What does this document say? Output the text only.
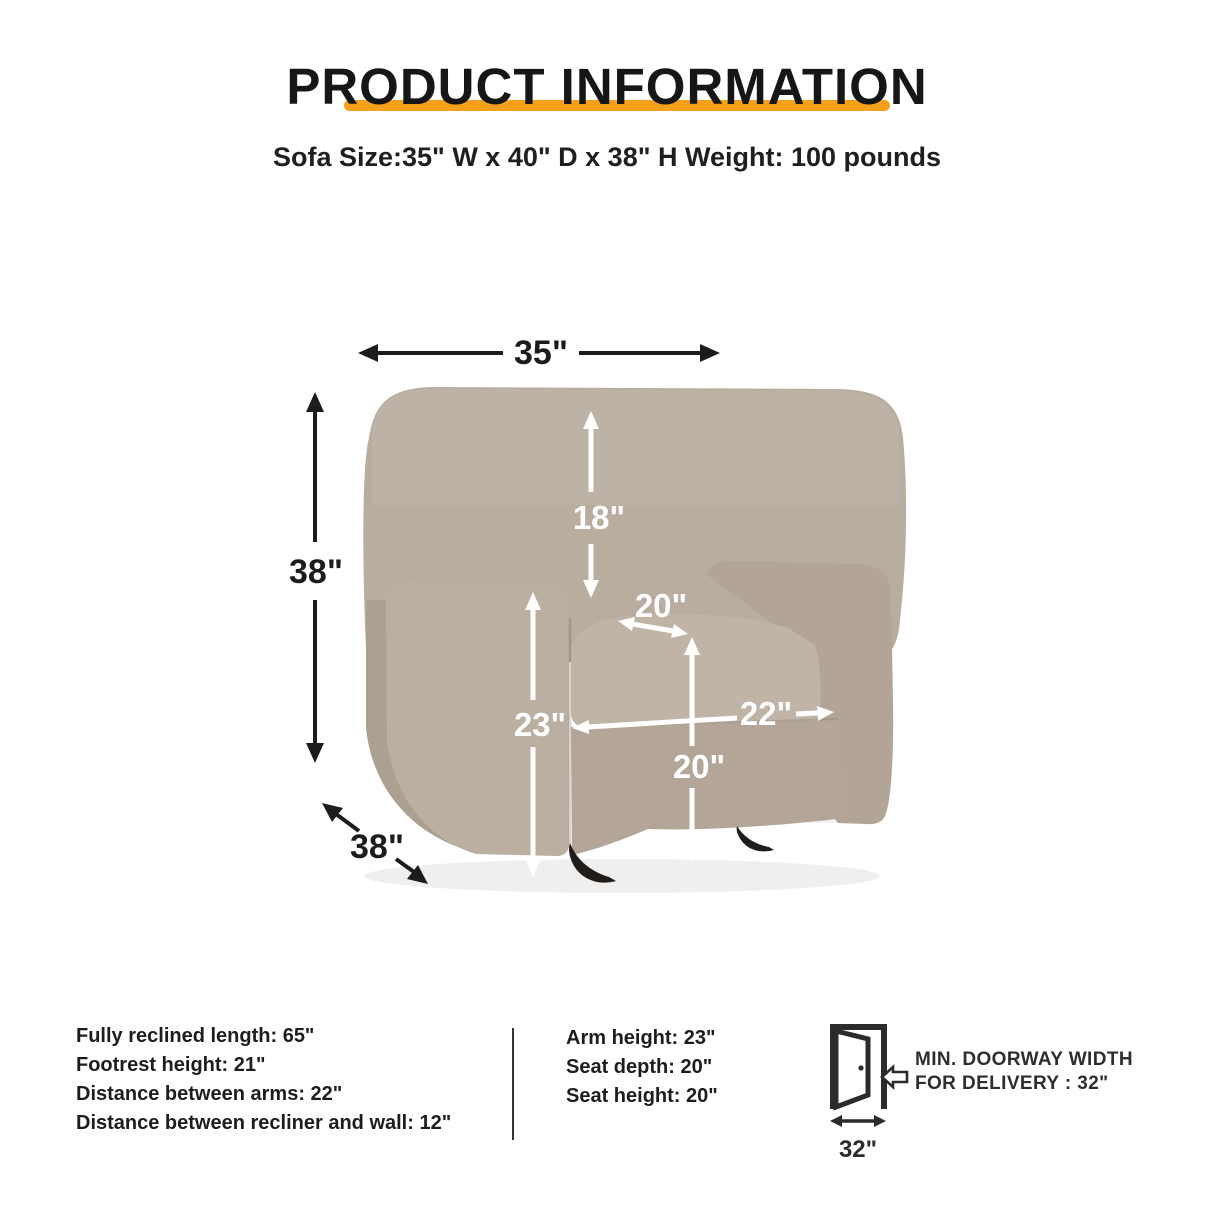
PRODUCT INFORMATION
Sofa Size:35" W x 40" D x 38" H Weight: 100 pounds
35"
38"
38"
18"
20"
23"	22"
20"
Fully reclined length: 65"
Footrest height: 21"
Distance between arms: 22"
Distance between recliner and wall: 12"
Arm height: 23"
Seat depth: 20"
Seat height: 20"
32"
MIN. DOORWAY WIDTH
FOR DELIVERY : 32"
